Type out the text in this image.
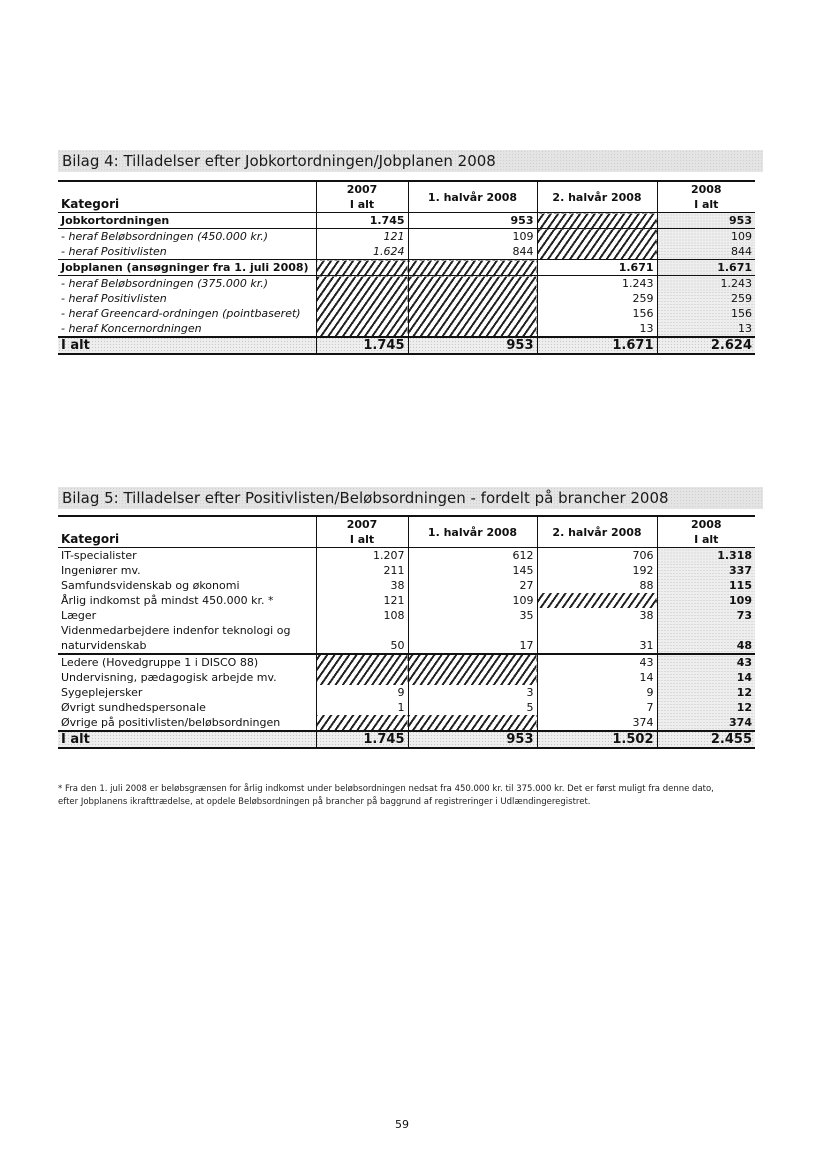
Bilag 4: Tilladelser efter Jobkortordningen/Jobplanen 2008
Kategori	2007	1. halvår 2008	2. halvår 2008	2008
	I alt			I alt
Jobkortordningen	1.745	953		953
- heraf Beløbsordningen (450.000 kr.)	121	109		109
- heraf Positivlisten	1.624	844		844
Jobplanen (ansøgninger fra 1. juli 2008)			1.671	1.671
- heraf Beløbsordningen (375.000 kr.)			1.243	1.243
- heraf Positivlisten			259	259
- heraf Greencard-ordningen (pointbaseret)			156	156
- heraf Koncernordningen			13	13
I alt	1.745	953	1.671	2.624
Bilag 5: Tilladelser efter Positivlisten/Beløbsordningen - fordelt på brancher 2008
Kategori	2007	1. halvår 2008	2. halvår 2008	2008
	I alt			I alt
IT-specialister	1.207	612	706	1.318
Ingeniører mv.	211	145	192	337
Samfundsvidenskab og økonomi	38	27	88	115
Årlig indkomst på mindst 450.000 kr. *	121	109		109
Læger	108	35	38	73
Videnmedarbejdere indenfor teknologi og				
naturvidenskab	50	17	31	48
Ledere (Hovedgruppe 1 i DISCO 88)			43	43
Undervisning, pædagogisk arbejde mv.			14	14
Sygeplejersker	9	3	9	12
Øvrigt sundhedspersonale	1	5	7	12
Øvrige på positivlisten/beløbsordningen			374	374
I alt	1.745	953	1.502	2.455
* Fra den 1. juli 2008 er beløbsgrænsen for årlig indkomst under beløbsordningen nedsat fra 450.000 kr. til 375.000 kr. Det er først muligt fra denne dato,
efter Jobplanens ikrafttrædelse, at opdele Beløbsordningen på brancher på baggrund af registreringer i Udlændingeregistret.
59
